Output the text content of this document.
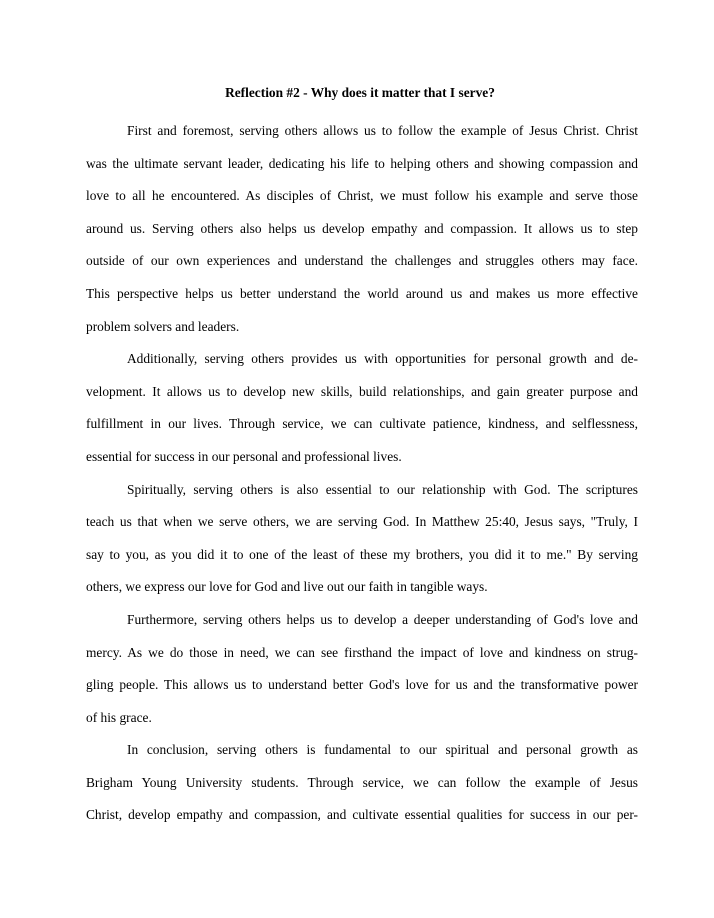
Reflection #2 - Why does it matter that I serve?

First and foremost, serving others allows us to follow the example of Jesus Christ. Christ
was the ultimate servant leader, dedicating his life to helping others and showing compassion and
love to all he encountered. As disciples of Christ, we must follow his example and serve those
around us. Serving others also helps us develop empathy and compassion. It allows us to step
outside of our own experiences and understand the challenges and struggles others may face.
This perspective helps us better understand the world around us and makes us more effective
problem solvers and leaders.

Additionally, serving others provides us with opportunities for personal growth and de-
velopment. It allows us to develop new skills, build relationships, and gain greater purpose and
fulfillment in our lives. Through service, we can cultivate patience, kindness, and selflessness,
essential for success in our personal and professional lives.

Spiritually, serving others is also essential to our relationship with God. The scriptures
teach us that when we serve others, we are serving God. In Matthew 25:40, Jesus says, "Truly, I
say to you, as you did it to one of the least of these my brothers, you did it to me." By serving
others, we express our love for God and live out our faith in tangible ways.

Furthermore, serving others helps us to develop a deeper understanding of God's love and
mercy. As we do those in need, we can see firsthand the impact of love and kindness on strug-
gling people. This allows us to understand better God's love for us and the transformative power
of his grace.

In conclusion, serving others is fundamental to our spiritual and personal growth as
Brigham Young University students. Through service, we can follow the example of Jesus
Christ, develop empathy and compassion, and cultivate essential qualities for success in our per-
